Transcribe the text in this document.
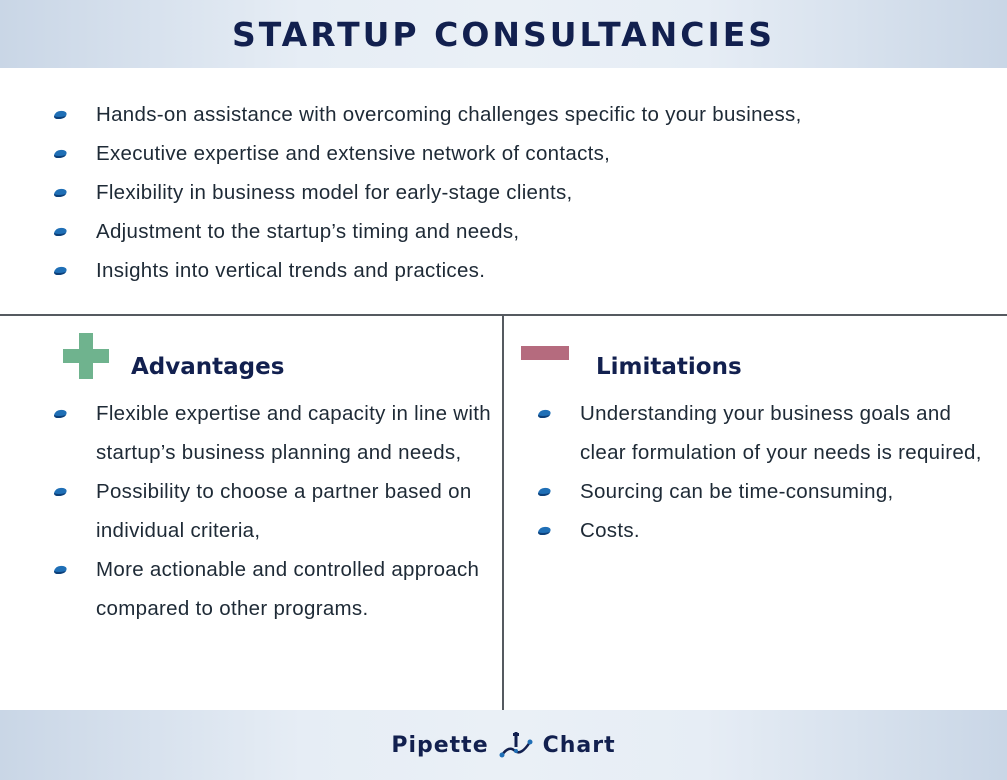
STARTUP CONSULTANCIES
Hands-on assistance with overcoming challenges specific to your business,
Executive expertise and extensive network of contacts,
Flexibility in business model for early-stage clients,
Adjustment to the startup’s timing and needs,
Insights into vertical trends and practices.
Advantages
Flexible expertise and capacity in line with startup’s business planning and needs,
Possibility to choose a partner based on individual criteria,
More actionable and controlled approach compared to other programs.
Limitations
Understanding your business goals and clear formulation of your needs is required,
Sourcing can be time-consuming,
Costs.
Pipette Chart
